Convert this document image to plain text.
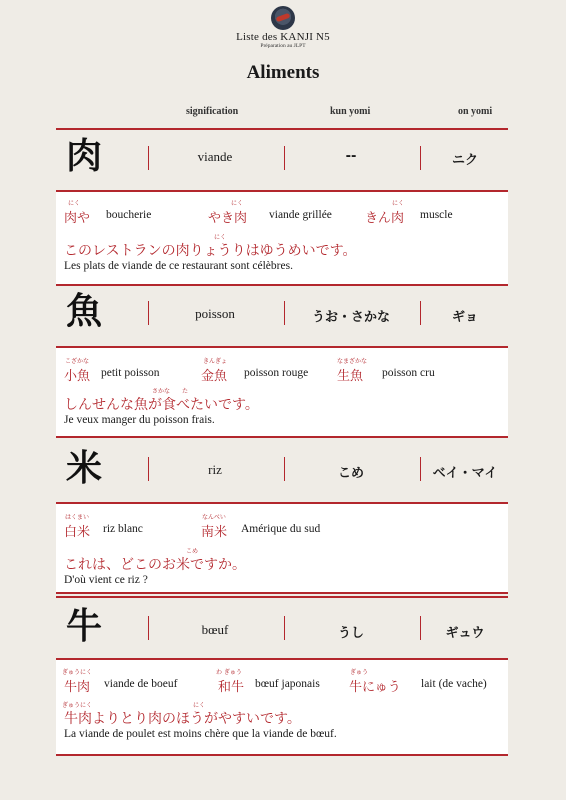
Liste des KANJI N5
Préparation au JLPT
Aliments
signification	kun yomi	on yomi
肉	viande	--	ニク
にく
肉や boucherie
にく
やき肉 viande grillée
にく
きん肉 muscle
にく
このレストランの肉りょうりはゆうめいです。
Les plats de viande de ce restaurant sont célèbres.
魚	poisson	うお・さかな	ギョ
こざかな
小魚 petit poisson
きんぎょ
金魚 poisson rouge
なまざかな
生魚 poisson cru
さかな た
しんせんな魚が食べたいです。
Je veux manger du poisson frais.
米	riz	こめ	ベイ・マイ
はくまい
白米 riz blanc
なんべい
南米 Amérique du sud
こめ
これは、どこのお米ですか。
D'où vient ce riz ?
牛	bœuf	うし	ギュウ
ぎゅうにく
牛肉 viande de boeuf
わ ぎゅう
和牛 bœuf japonais
ぎゅう
牛にゅう lait (de vache)
ぎゅうにく	にく
牛肉よりとり肉のほうがやすいです。
La viande de poulet est moins chère que la viande de bœuf.
